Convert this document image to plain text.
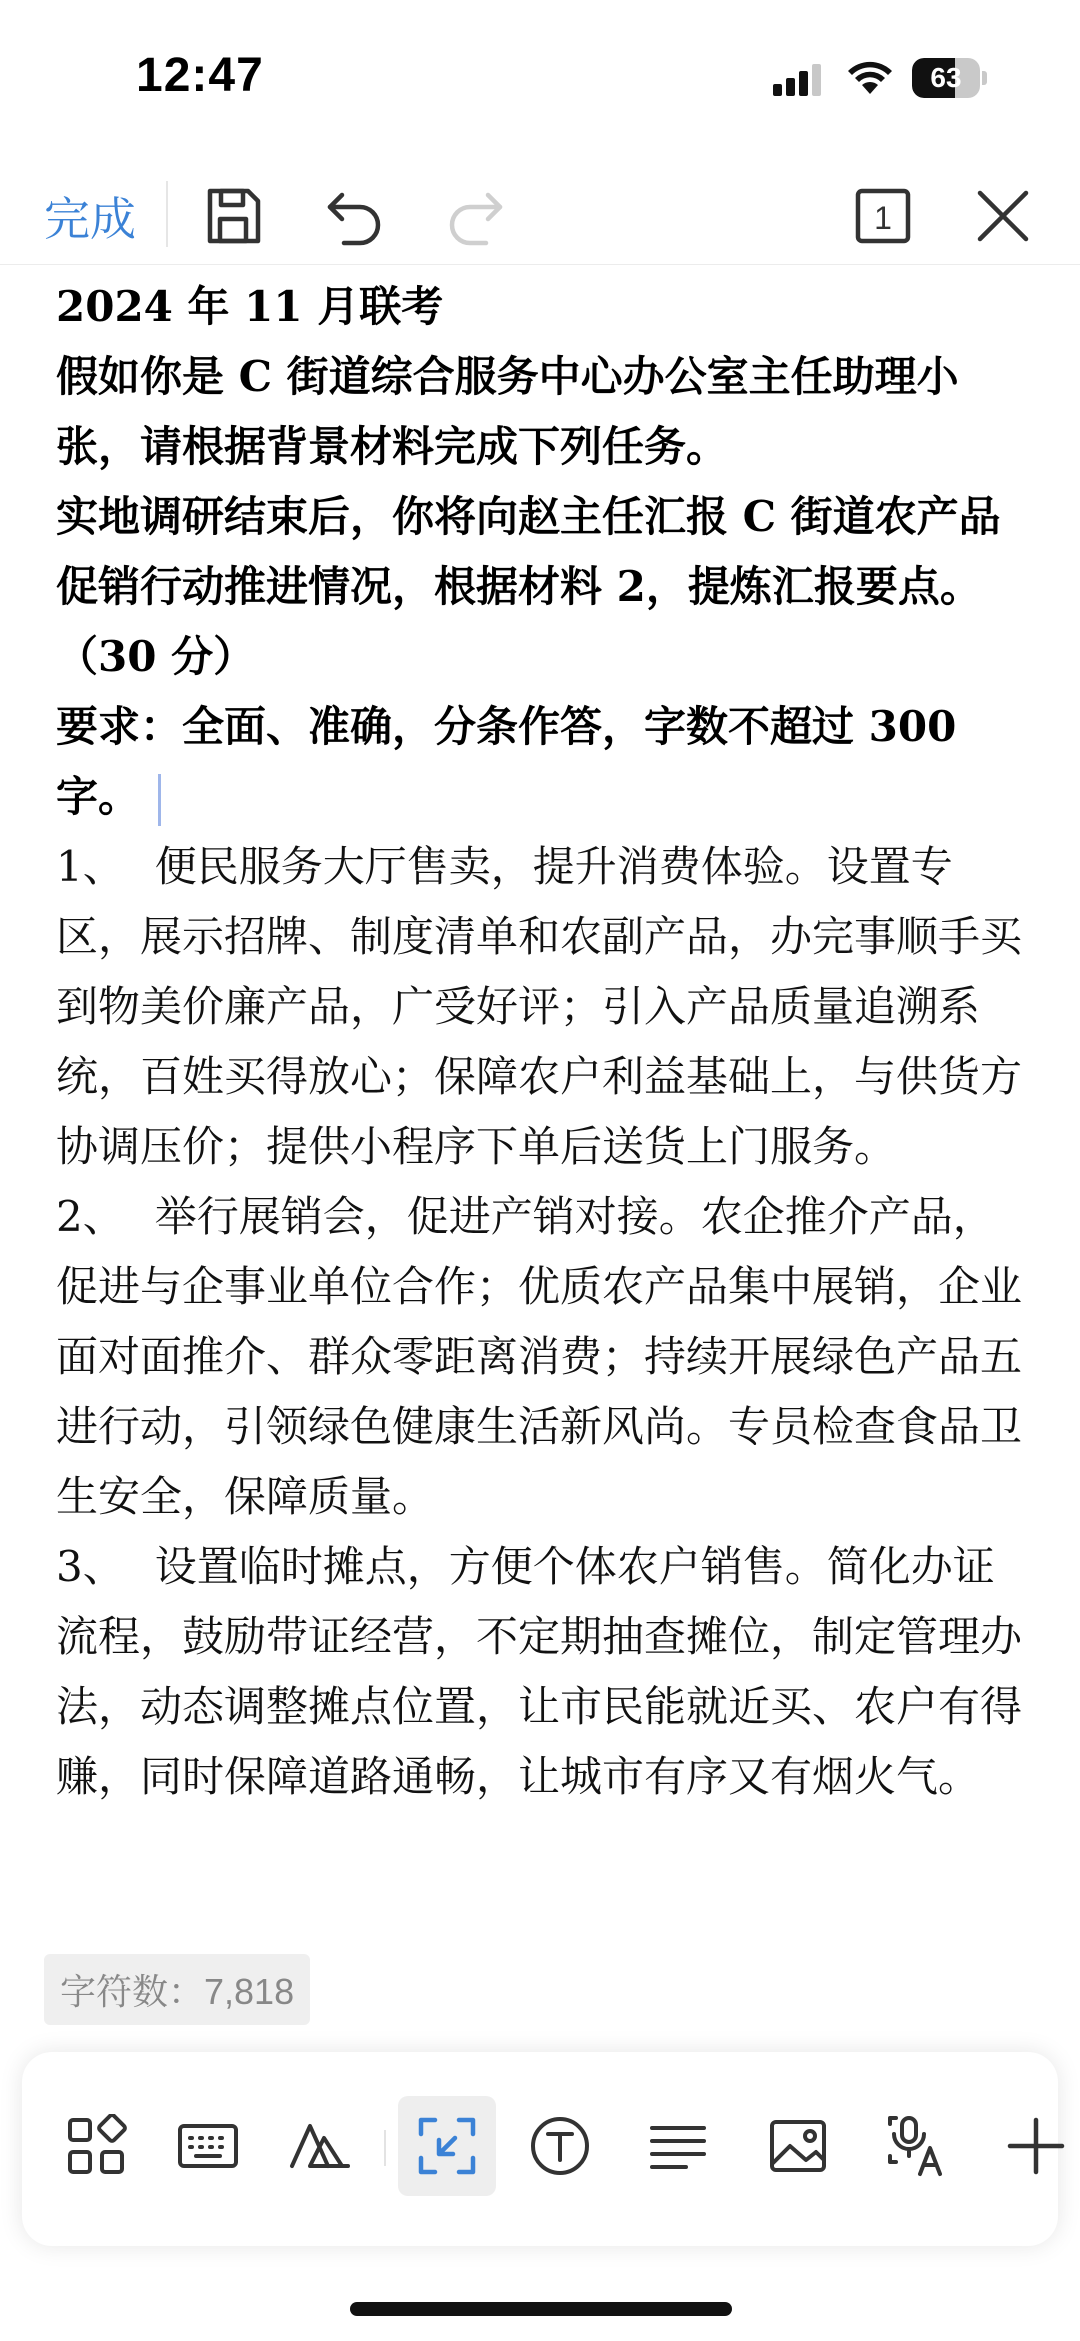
12:47	63
完成	1

2024 年 11 月联考

假如你是 C 街道综合服务中心办公室主任助理小张，请根据背景材料完成下列任务。

实地调研结束后，你将向赵主任汇报 C 街道农产品促销行动推进情况，根据材料 2，提炼汇报要点。（30 分）

要求：全面、准确，分条作答，字数不超过 300 字。

1、 便民服务大厅售卖，提升消费体验。设置专区，展示招牌、制度清单和农副产品，办完事顺手买到物美价廉产品，广受好评；引入产品质量追溯系统，百姓买得放心；保障农户利益基础上，与供货方协调压价；提供小程序下单后送货上门服务。
2、 举行展销会，促进产销对接。农企推介产品，促进与企事业单位合作；优质农产品集中展销，企业面对面推介、群众零距离消费；持续开展绿色产品五进行动，引领绿色健康生活新风尚。专员检查食品卫生安全，保障质量。
3、 设置临时摊点，方便个体农户销售。简化办证流程，鼓励带证经营，不定期抽查摊位，制定管理办法，动态调整摊点位置，让市民能就近买、农户有得赚，同时保障道路通畅，让城市有序又有烟火气。
字符数：7,818
